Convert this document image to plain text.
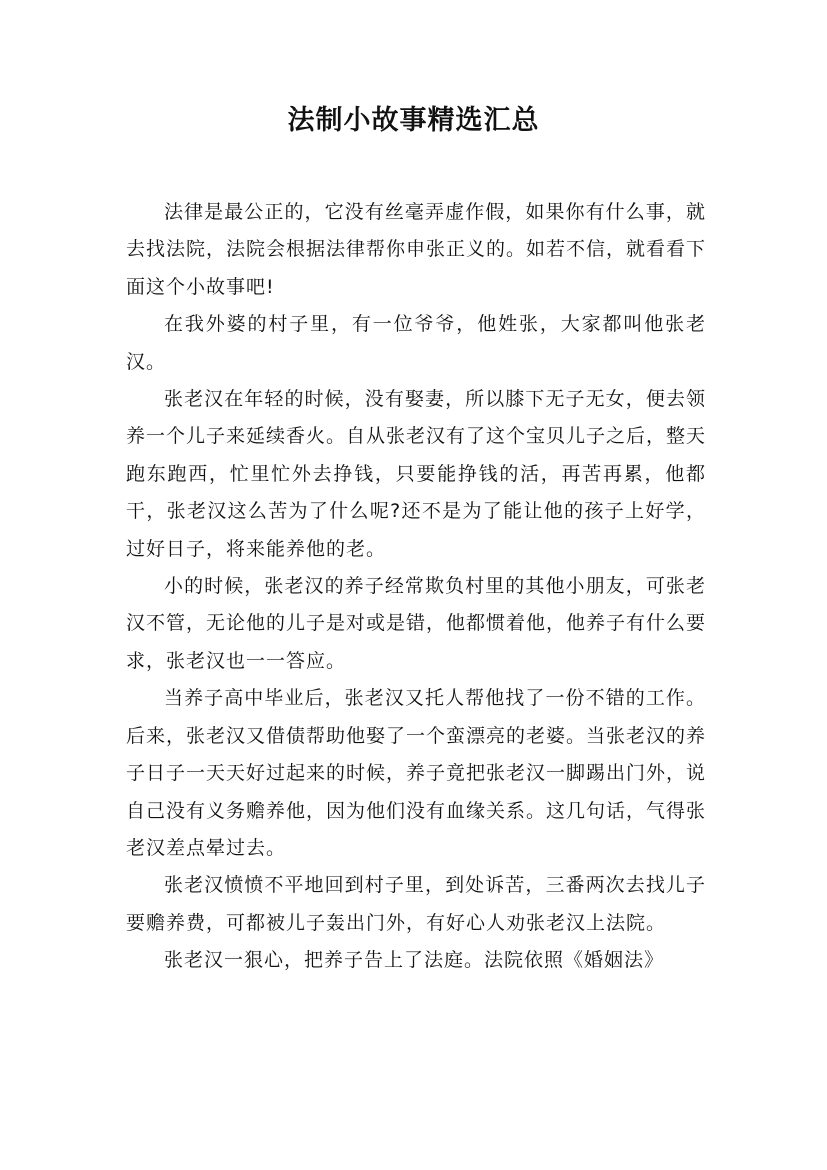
法制小故事精选汇总

法律是最公正的，它没有丝毫弄虚作假，如果你有什么事，就去找法院，法院会根据法律帮你申张正义的。如若不信，就看看下面这个小故事吧!

在我外婆的村子里，有一位爷爷，他姓张，大家都叫他张老汉。

张老汉在年轻的时候，没有娶妻，所以膝下无子无女，便去领养一个儿子来延续香火。自从张老汉有了这个宝贝儿子之后，整天跑东跑西，忙里忙外去挣钱，只要能挣钱的活，再苦再累，他都干，张老汉这么苦为了什么呢?还不是为了能让他的孩子上好学，过好日子，将来能养他的老。

小的时候，张老汉的养子经常欺负村里的其他小朋友，可张老汉不管，无论他的儿子是对或是错，他都惯着他，他养子有什么要求，张老汉也一一答应。

当养子高中毕业后，张老汉又托人帮他找了一份不错的工作。后来，张老汉又借债帮助他娶了一个蛮漂亮的老婆。当张老汉的养子日子一天天好过起来的时候，养子竟把张老汉一脚踢出门外，说自己没有义务赡养他，因为他们没有血缘关系。这几句话，气得张老汉差点晕过去。

张老汉愤愤不平地回到村子里，到处诉苦，三番两次去找儿子要赡养费，可都被儿子轰出门外，有好心人劝张老汉上法院。

张老汉一狠心，把养子告上了法庭。法院依照《婚姻法》
